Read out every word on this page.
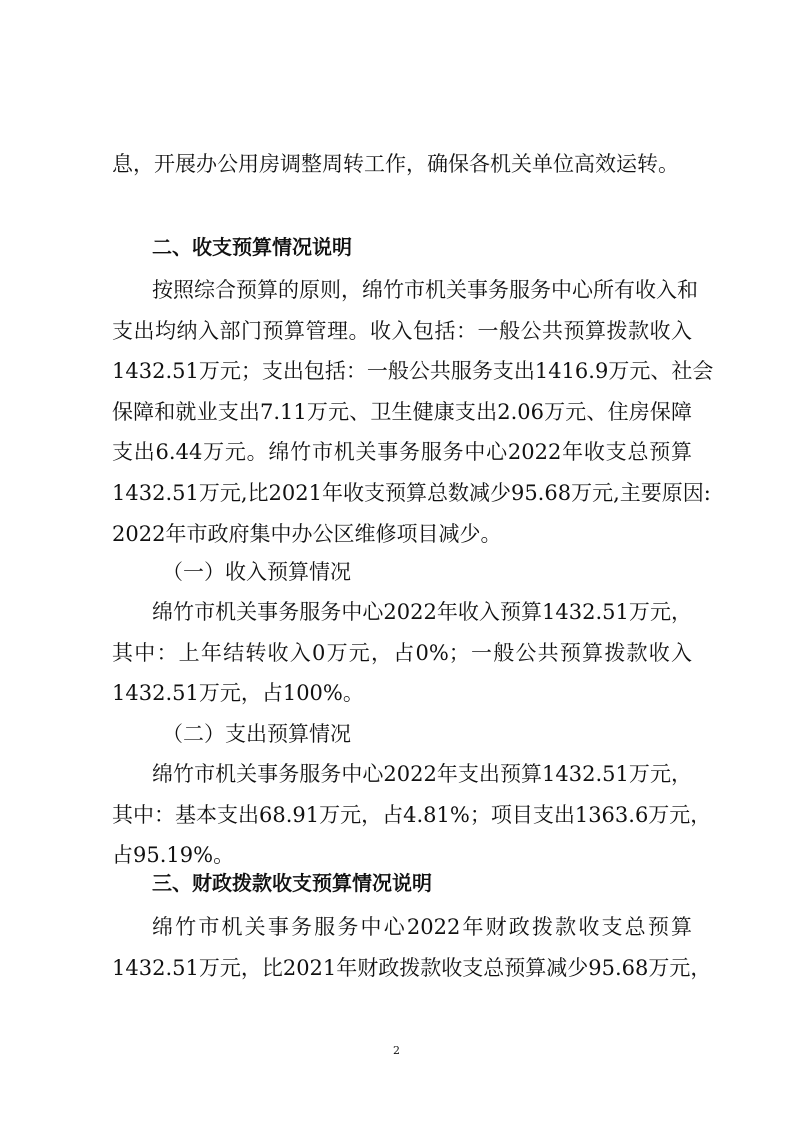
息，开展办公用房调整周转工作，确保各机关单位高效运转。
二、收支预算情况说明
按照综合预算的原则，绵竹市机关事务服务中心所有收入和
支出均纳入部门预算管理。收入包括：一般公共预算拨款收入
1432.51万元；支出包括：一般公共服务支出1416.9万元、社会
保障和就业支出7.11万元、卫生健康支出2.06万元、住房保障
支出6.44万元。绵竹市机关事务服务中心2022年收支总预算
1432.51万元,比2021年收支预算总数减少95.68万元,主要原因:
2022年市政府集中办公区维修项目减少。
（一）收入预算情况
绵竹市机关事务服务中心2022年收入预算1432.51万元，
其中：上年结转收入0万元，占0%；一般公共预算拨款收入
1432.51万元，占100%。
（二）支出预算情况
绵竹市机关事务服务中心2022年支出预算1432.51万元，
其中：基本支出68.91万元，占4.81%；项目支出1363.6万元，
占95.19%。
三、财政拨款收支预算情况说明
绵竹市机关事务服务中心2022年财政拨款收支总预算
1432.51万元，比2021年财政拨款收支总预算减少95.68万元，
2
